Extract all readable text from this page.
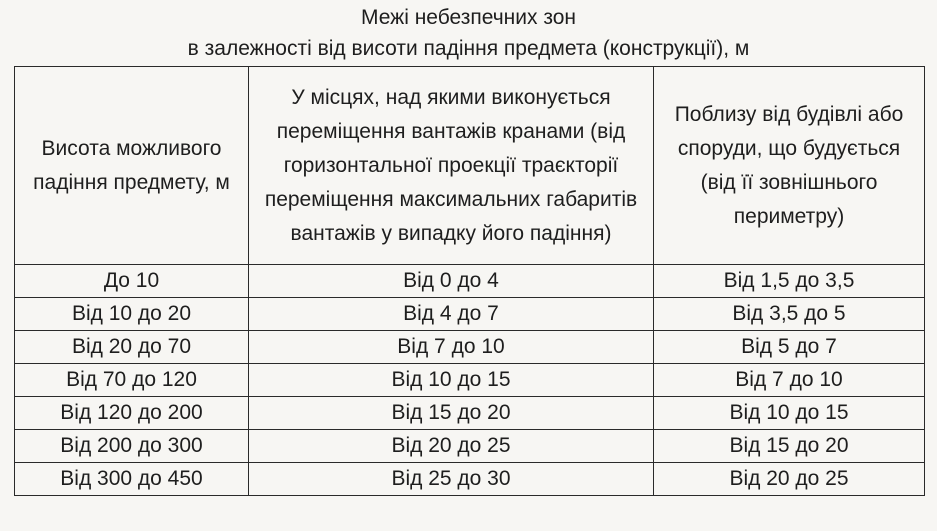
Межі небезпечних зон
в залежності від висоти падіння предмета (конструкції), м
Висота можливого падіння предмету, м	У місцях, над якими виконується переміщення вантажів кранами (від горизонтальної проекції траєкторії переміщення максимальних габаритів вантажів у випадку його падіння)	Поблизу від будівлі або споруди, що будується (від її зовнішнього периметру)
До 10	Від 0 до 4	Від 1,5 до 3,5
Від 10 до 20	Від 4 до 7	Від 3,5 до 5
Від 20 до 70	Від 7 до 10	Від 5 до 7
Від 70 до 120	Від 10 до 15	Від 7 до 10
Від 120 до 200	Від 15 до 20	Від 10 до 15
Від 200 до 300	Від 20 до 25	Від 15 до 20
Від 300 до 450	Від 25 до 30	Від 20 до 25
